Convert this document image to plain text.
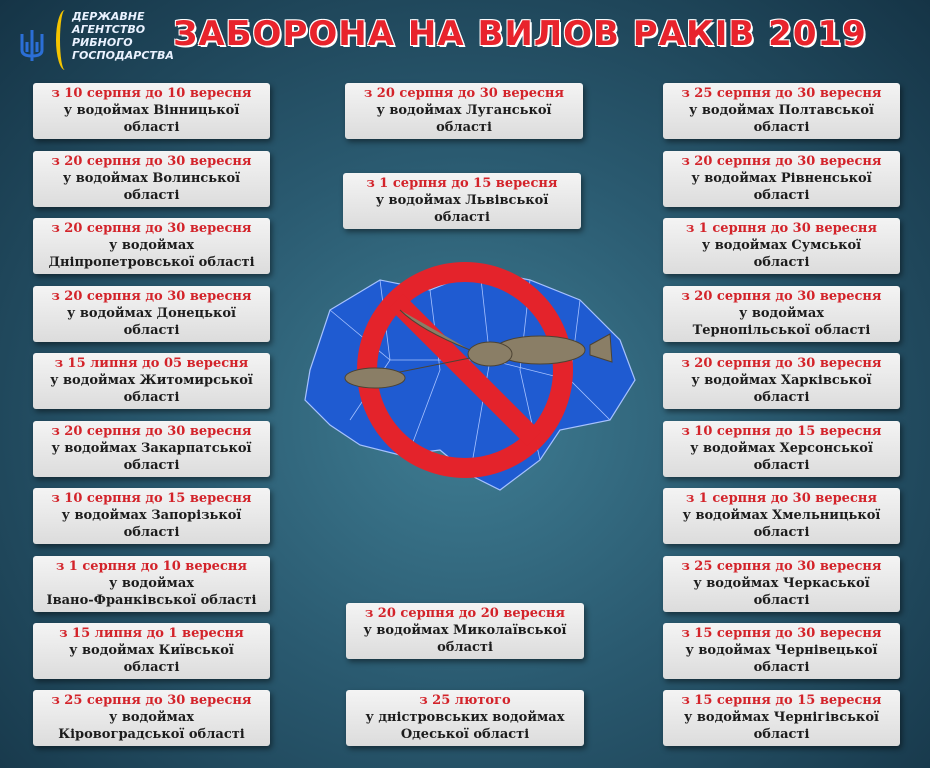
ДЕРЖАВНЕ
АГЕНТСТВО
РИБНОГО
ГОСПОДАРСТВА
ЗАБОРОНА НА ВИЛОВ РАКІВ 2019
з 10 серпня до 10 вересня
у водоймах Вінницької
області
з 20 серпня до 30 вересня
у водоймах Волинської
області
з 20 серпня до 30 вересня
у водоймах
Дніпропетровської області
з 20 серпня до 30 вересня
у водоймах Донецької
області
з 15 липня до 05 вересня
у водоймах Житомирської
області
з 20 серпня до 30 вересня
у водоймах Закарпатської
області
з 10 серпня до 15 вересня
у водоймах Запорізької
області
з 1 серпня до 10 вересня
у водоймах
Івано-Франківської області
з 15 липня до 1 вересня
у водоймах Київської
області
з 25 серпня до 30 вересня
у водоймах
Кіровоградської області
з 25 серпня до 30 вересня
у водоймах Полтавської
області
з 20 серпня до 30 вересня
у водоймах Рівненської
області
з 1 серпня до 30 вересня
у водоймах Сумської
області
з 20 серпня до 30 вересня
у водоймах
Тернопільської області
з 20 серпня до 30 вересня
у водоймах Харківської
області
з 10 серпня до 15 вересня
у водоймах Херсонської
області
з 1 серпня до 30 вересня
у водоймах Хмельницької
області
з 25 серпня до 30 вересня
у водоймах Черкаської
області
з 15 серпня до 30 вересня
у водоймах Чернівецької
області
з 15 серпня до 15 вересня
у водоймах Чернігівської
області
з 20 серпня до 30 вересня
у водоймах Луганської
області
з 1 серпня до 15 вересня
у водоймах Львівської
області
з 20 серпня до 20 вересня
у водоймах Миколаївської
області
з 25 лютого
у дністровських водоймах
Одеської області
